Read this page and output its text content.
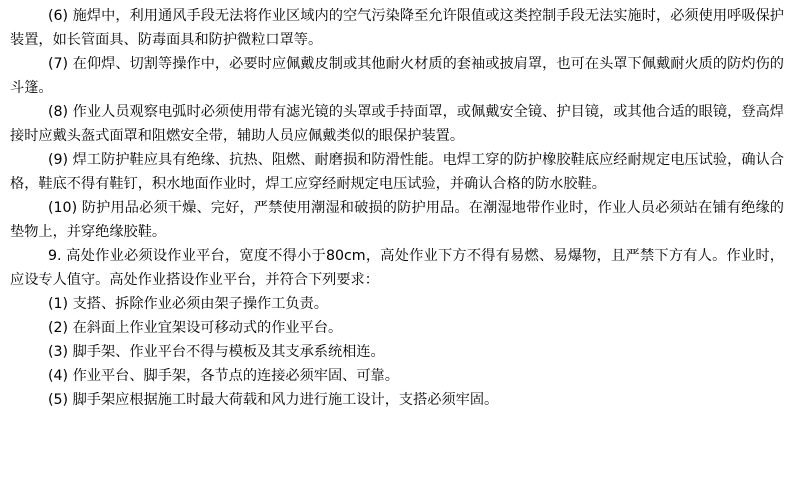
(6) 施焊中，利用通风手段无法将作业区域内的空气污染降至允许限值或这类控制手段无法实施时，必须使用呼吸保护装置，如长管面具、防毒面具和防护微粒口罩等。

(7) 在仰焊、切割等操作中，必要时应佩戴皮制或其他耐火材质的套袖或披肩罩，也可在头罩下佩戴耐火质的防灼伤的斗篷。

(8) 作业人员观察电弧时必须使用带有滤光镜的头罩或手持面罩，或佩戴安全镜、护目镜，或其他合适的眼镜，登高焊接时应戴头盔式面罩和阻燃安全带，辅助人员应佩戴类似的眼保护装置。

(9) 焊工防护鞋应具有绝缘、抗热、阻燃、耐磨损和防滑性能。电焊工穿的防护橡胶鞋底应经耐规定电压试验，确认合格，鞋底不得有鞋钉，积水地面作业时，焊工应穿经耐规定电压试验，并确认合格的防水胶鞋。

(10) 防护用品必须干燥、完好，严禁使用潮湿和破损的防护用品。在潮湿地带作业时，作业人员必须站在铺有绝缘的垫物上，并穿绝缘胶鞋。

9. 高处作业必须设作业平台，宽度不得小于80cm，高处作业下方不得有易燃、易爆物，且严禁下方有人。作业时，应设专人值守。高处作业搭设作业平台，并符合下列要求：

(1) 支搭、拆除作业必须由架子操作工负责。

(2) 在斜面上作业宜架设可移动式的作业平台。

(3) 脚手架、作业平台不得与模板及其支承系统相连。

(4) 作业平台、脚手架，各节点的连接必须牢固、可靠。

(5) 脚手架应根据施工时最大荷载和风力进行施工设计，支搭必须牢固。
